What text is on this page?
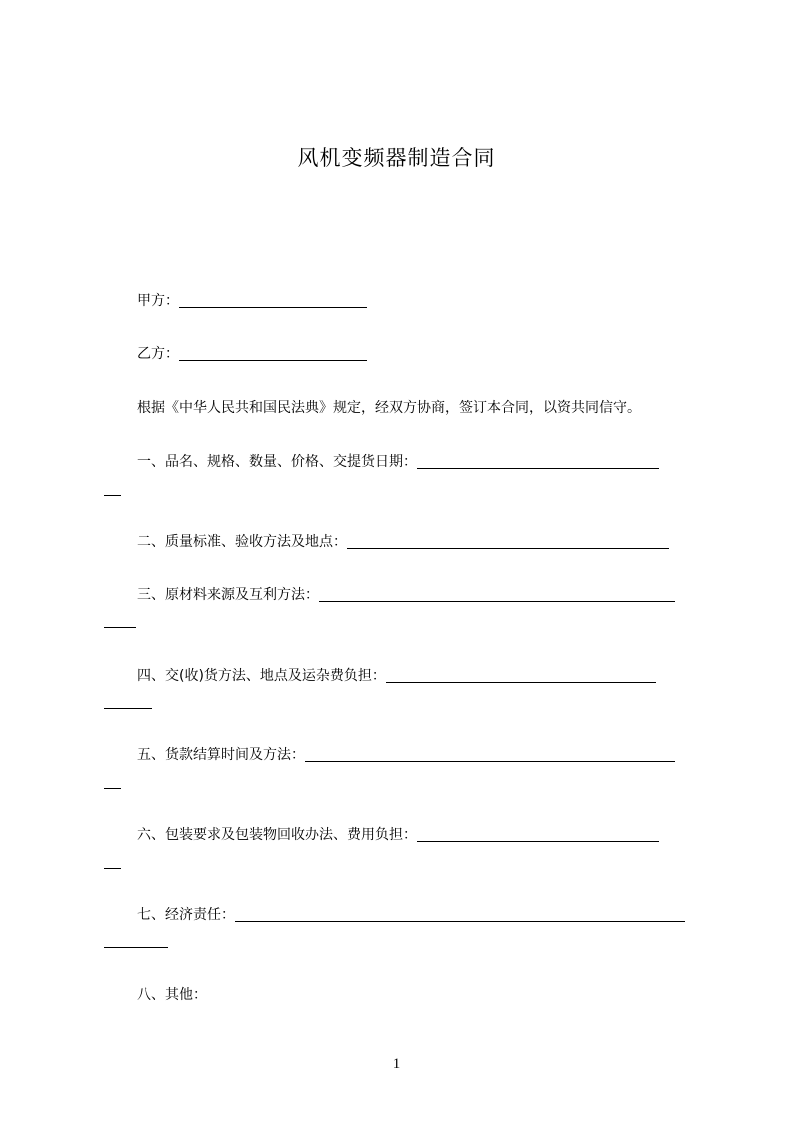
风机变频器制造合同
甲方：
乙方：
根据《中华人民共和国民法典》规定，经双方协商，签订本合同，以资共同信守。
一、品名、规格、数量、价格、交提货日期：
二、质量标准、验收方法及地点：
三、原材料来源及互利方法：
四、交(收)货方法、地点及运杂费负担：
五、货款结算时间及方法：
六、包装要求及包装物回收办法、费用负担：
七、经济责任：
八、其他：
1
